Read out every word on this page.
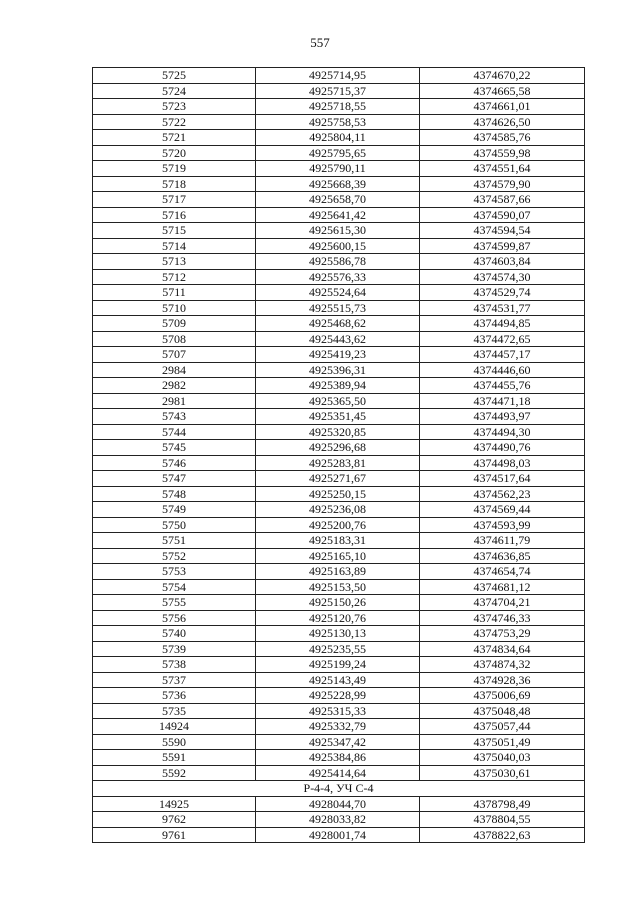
557
5725	4925714,95	4374670,22
5724	4925715,37	4374665,58
5723	4925718,55	4374661,01
5722	4925758,53	4374626,50
5721	4925804,11	4374585,76
5720	4925795,65	4374559,98
5719	4925790,11	4374551,64
5718	4925668,39	4374579,90
5717	4925658,70	4374587,66
5716	4925641,42	4374590,07
5715	4925615,30	4374594,54
5714	4925600,15	4374599,87
5713	4925586,78	4374603,84
5712	4925576,33	4374574,30
5711	4925524,64	4374529,74
5710	4925515,73	4374531,77
5709	4925468,62	4374494,85
5708	4925443,62	4374472,65
5707	4925419,23	4374457,17
2984	4925396,31	4374446,60
2982	4925389,94	4374455,76
2981	4925365,50	4374471,18
5743	4925351,45	4374493,97
5744	4925320,85	4374494,30
5745	4925296,68	4374490,76
5746	4925283,81	4374498,03
5747	4925271,67	4374517,64
5748	4925250,15	4374562,23
5749	4925236,08	4374569,44
5750	4925200,76	4374593,99
5751	4925183,31	4374611,79
5752	4925165,10	4374636,85
5753	4925163,89	4374654,74
5754	4925153,50	4374681,12
5755	4925150,26	4374704,21
5756	4925120,76	4374746,33
5740	4925130,13	4374753,29
5739	4925235,55	4374834,64
5738	4925199,24	4374874,32
5737	4925143,49	4374928,36
5736	4925228,99	4375006,69
5735	4925315,33	4375048,48
14924	4925332,79	4375057,44
5590	4925347,42	4375051,49
5591	4925384,86	4375040,03
5592	4925414,64	4375030,61
Р-4-4, УЧ С-4		
14925	4928044,70	4378798,49
9762	4928033,82	4378804,55
9761	4928001,74	4378822,63
